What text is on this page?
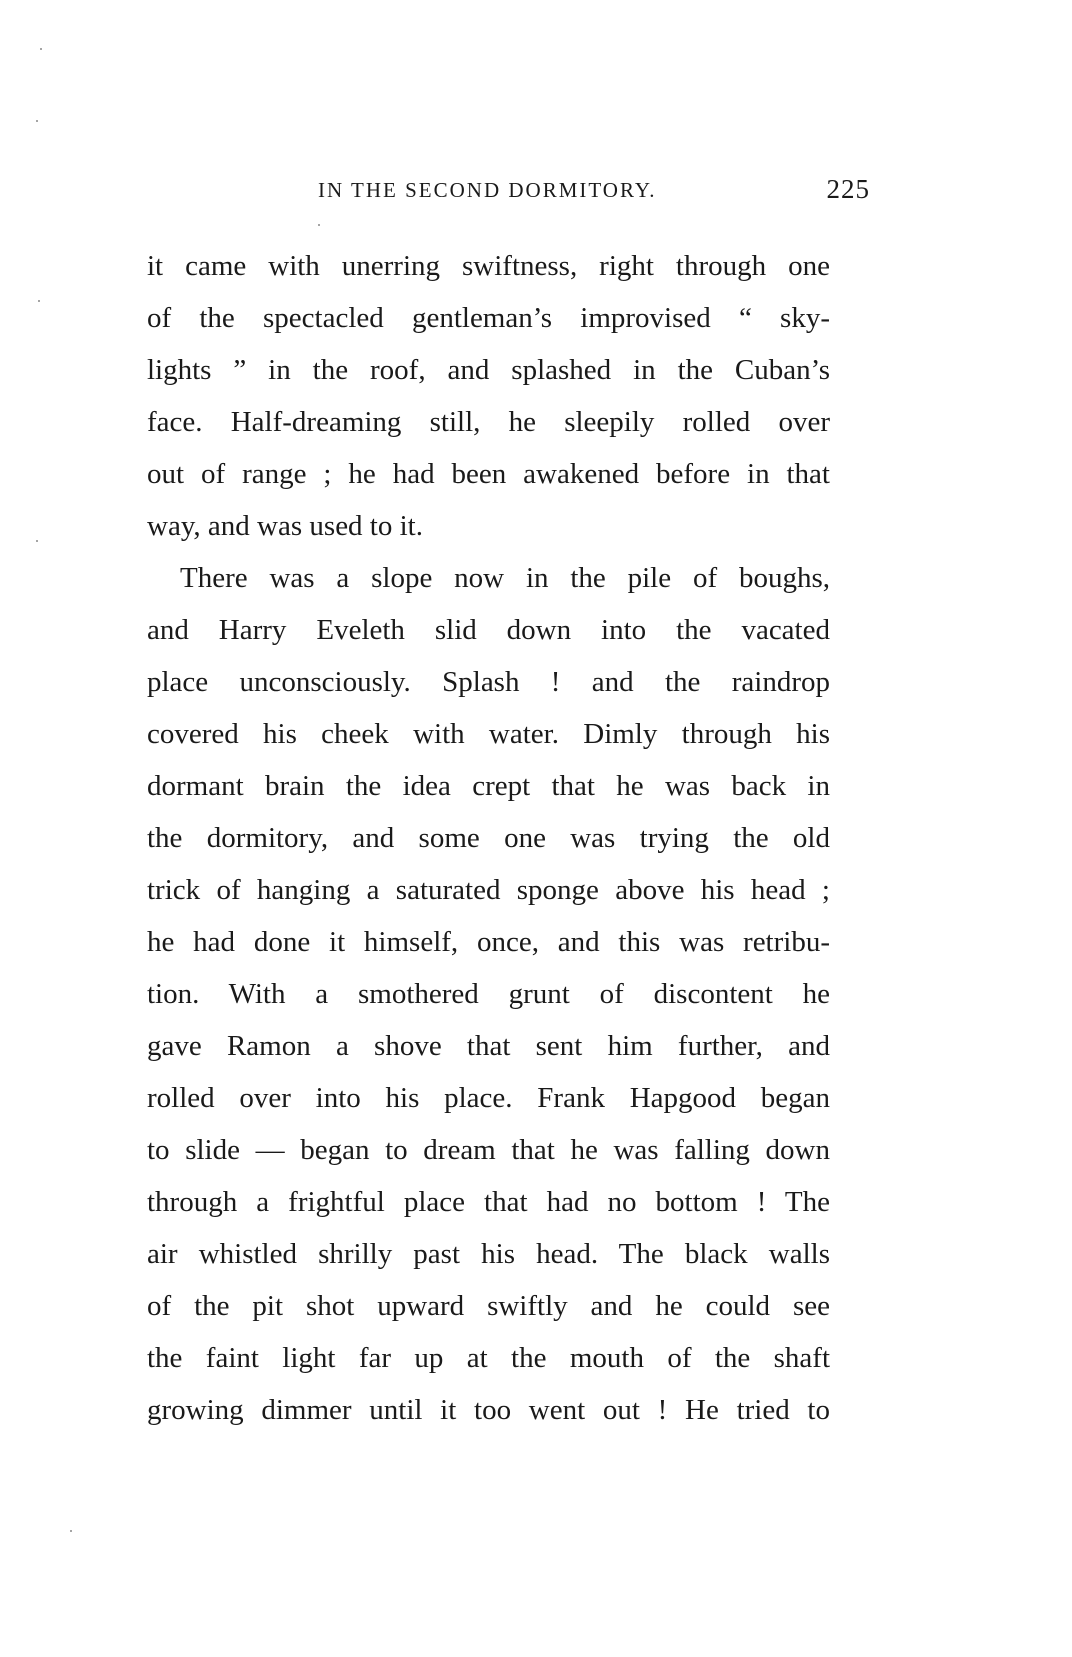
IN THE SECOND DORMITORY.	225
it came with unerring swiftness, right through one
of the spectacled gentleman’s improvised “ sky-
lights ” in the roof, and splashed in the Cuban’s
face. Half-dreaming still, he sleepily rolled over
out of range ; he had been awakened before in that
way, and was used to it.
There was a slope now in the pile of boughs,
and Harry Eveleth slid down into the vacated
place unconsciously. Splash ! and the raindrop
covered his cheek with water. Dimly through his
dormant brain the idea crept that he was back in
the dormitory, and some one was trying the old
trick of hanging a saturated sponge above his head ;
he had done it himself, once, and this was retribu-
tion. With a smothered grunt of discontent he
gave Ramon a shove that sent him further, and
rolled over into his place. Frank Hapgood began
to slide — began to dream that he was falling down
through a frightful place that had no bottom ! The
air whistled shrilly past his head. The black walls
of the pit shot upward swiftly and he could see
the faint light far up at the mouth of the shaft
growing dimmer until it too went out ! He tried to
